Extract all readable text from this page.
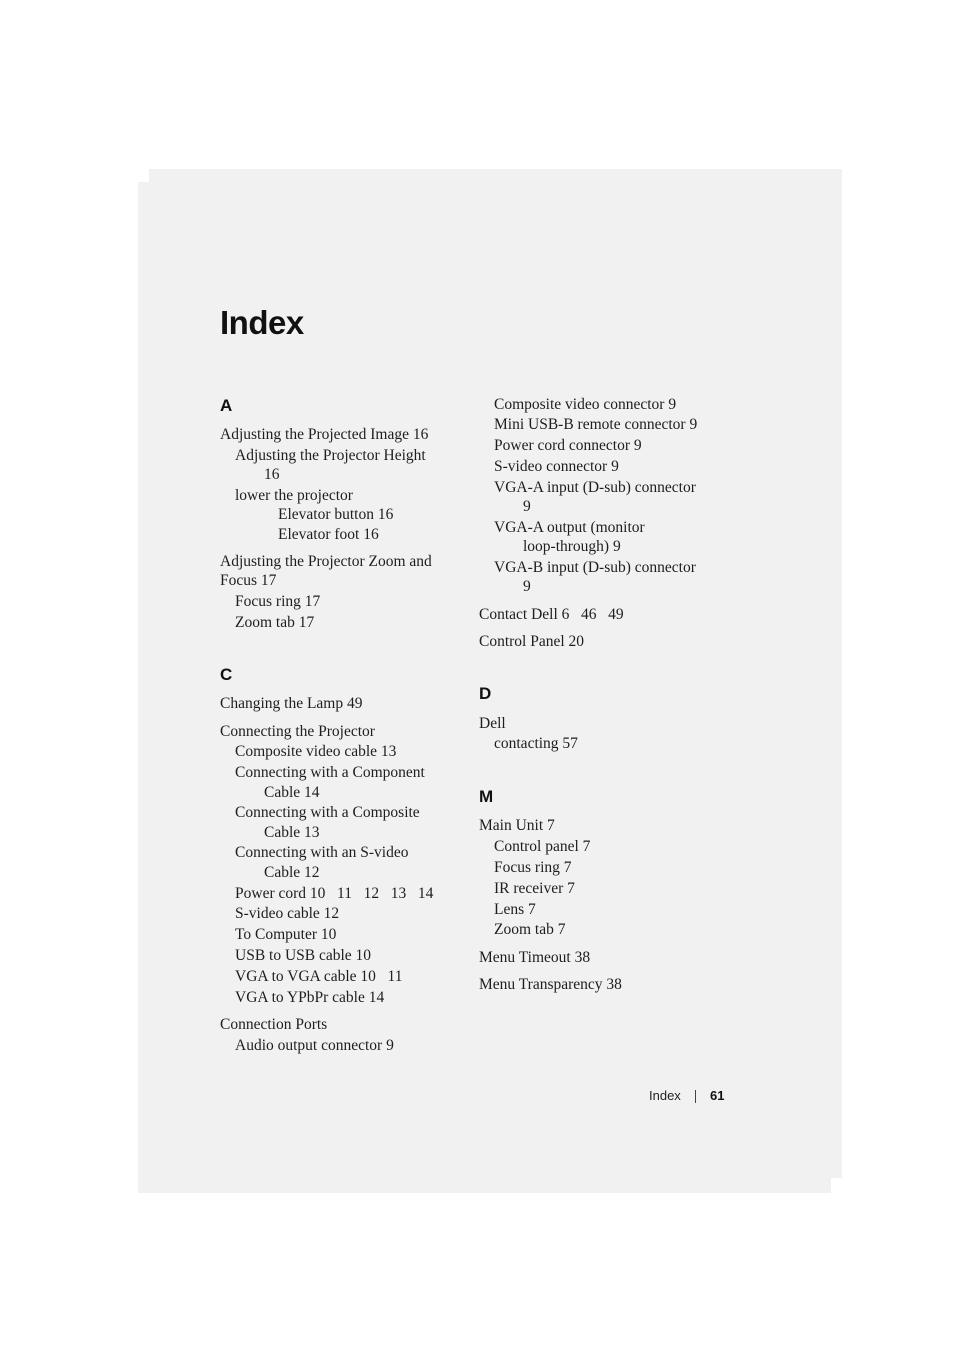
Index
A
Adjusting the Projected Image 16
Adjusting the Projector Height
16
lower the projector
Elevator button 16
Elevator foot 16
Adjusting the Projector Zoom and
Focus 17
Focus ring 17
Zoom tab 17
C
Changing the Lamp 49
Connecting the Projector
Composite video cable 13
Connecting with a Component
Cable 14
Connecting with a Composite
Cable 13
Connecting with an S-video
Cable 12
Power cord 10   11   12   13   14
S-video cable 12
To Computer 10
USB to USB cable 10
VGA to VGA cable 10   11
VGA to YPbPr cable 14
Connection Ports
Audio output connector 9
Composite video connector 9
Mini USB-B remote connector 9
Power cord connector 9
S-video connector 9
VGA-A input (D-sub) connector
9
VGA-A output (monitor
loop-through) 9
VGA-B input (D-sub) connector
9
Contact Dell 6   46   49
Control Panel 20
D
Dell
contacting 57
M
Main Unit 7
Control panel 7
Focus ring 7
IR receiver 7
Lens 7
Zoom tab 7
Menu Timeout 38
Menu Transparency 38
Index 61
